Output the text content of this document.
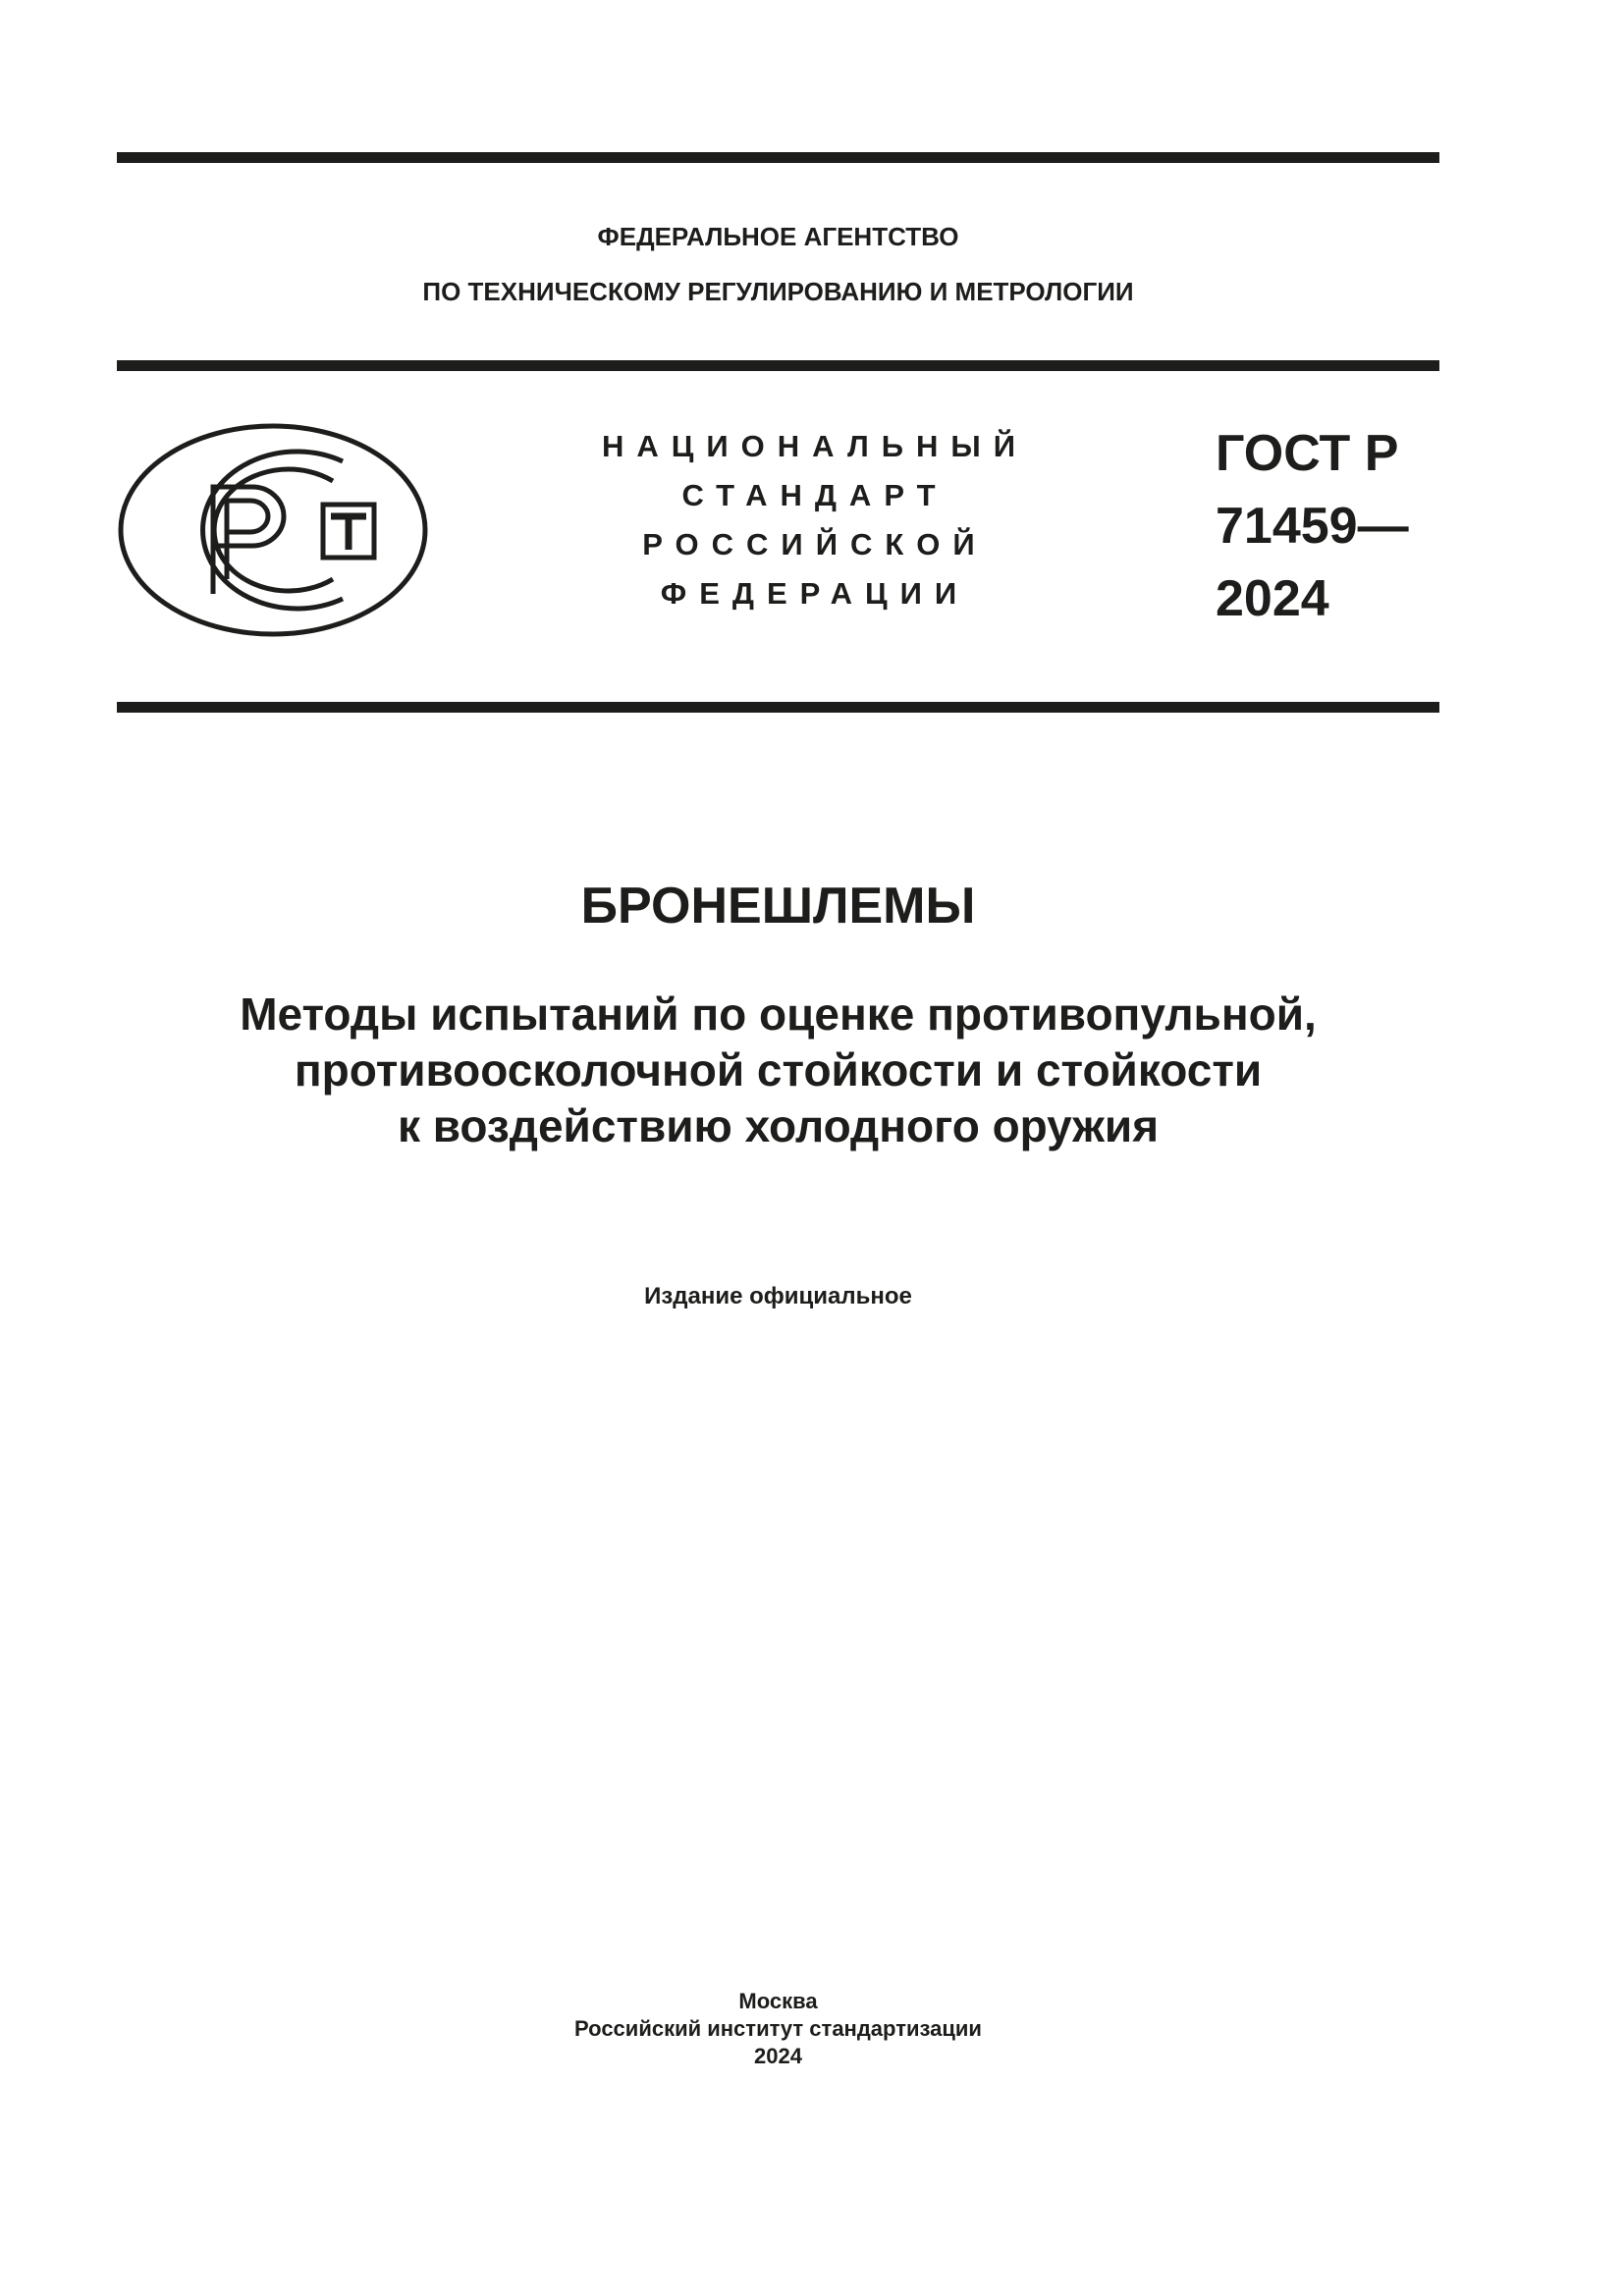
ФЕДЕРАЛЬНОЕ АГЕНТСТВО
ПО ТЕХНИЧЕСКОМУ РЕГУЛИРОВАНИЮ И МЕТРОЛОГИИ
НАЦИОНАЛЬНЫЙ
СТАНДАРТ
РОССИЙСКОЙ
ФЕДЕРАЦИИ
ГОСТ Р
71459—
2024
БРОНЕШЛЕМЫ
Методы испытаний по оценке противопульной,
противоосколочной стойкости и стойкости
к воздействию холодного оружия
Издание официальное
Москва
Российский институт стандартизации
2024
